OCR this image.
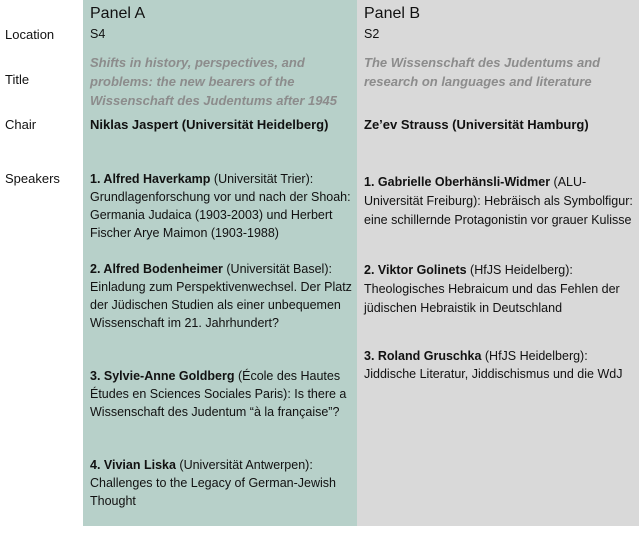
Location
Title
Chair
Speakers
Panel A
S4
Shifts in history, perspectives, and problems: the new bearers of the Wissenschaft des Judentums after 1945
Niklas Jaspert (Universität Heidelberg)
1. Alfred Haverkamp (Universität Trier): Grundlagenforschung vor und nach der Shoah: Germania Judaica (1903-2003) und Herbert Fischer Arye Maimon (1903-1988)
2. Alfred Bodenheimer (Universität Basel): Einladung zum Perspektivenwechsel. Der Platz der Jüdischen Studien als einer unbequemen Wissenschaft im 21. Jahrhundert?
3. Sylvie-Anne Goldberg (École des Hautes Études en Sciences Sociales Paris): Is there a Wissenschaft des Judentum “à la française”?
4. Vivian Liska (Universität Antwerpen): Challenges to the Legacy of German-Jewish Thought
Panel B
S2
The Wissenschaft des Judentums and research on languages and literature
Ze’ev Strauss (Universität Hamburg)
1. Gabrielle Oberhänsli-Widmer (ALU-Universität Freiburg): Hebräisch als Symbolfigur: eine schillernde Protagonistin vor grauer Kulisse
2. Viktor Golinets (HfJS Heidelberg): Theologisches Hebraicum und das Fehlen der jüdischen Hebraistik in Deutschland
3. Roland Gruschka (HfJS Heidelberg): Jiddische Literatur, Jiddischismus und die WdJ
